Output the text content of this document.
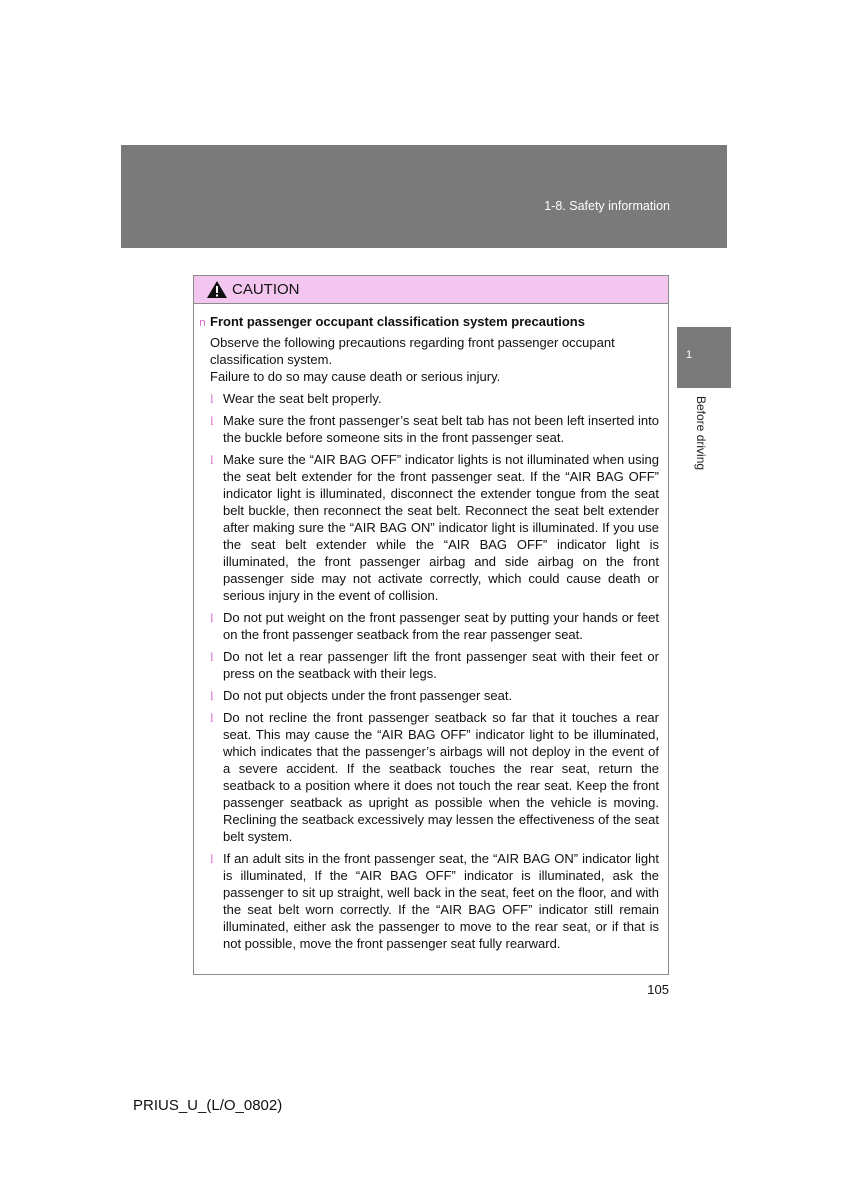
1-8. Safety information
1
Before driving
CAUTION
n Front passenger occupant classification system precautions

Observe the following precautions regarding front passenger occupant classification system.

Failure to do so may cause death or serious injury.

l Wear the seat belt properly.
l Make sure the front passenger’s seat belt tab has not been left inserted into the buckle before someone sits in the front passenger seat.
l Make sure the “AIR BAG OFF” indicator lights is not illuminated when using the seat belt extender for the front passenger seat. If the “AIR BAG OFF” indicator light is illuminated, disconnect the extender tongue from the seat belt buckle, then reconnect the seat belt. Reconnect the seat belt extender after making sure the “AIR BAG ON” indicator light is illuminated. If you use the seat belt extender while the “AIR BAG OFF” indicator light is illuminated, the front passenger airbag and side airbag on the front passenger side may not activate correctly, which could cause death or serious injury in the event of collision.
l Do not put weight on the front passenger seat by putting your hands or feet on the front passenger seatback from the rear passenger seat.
l Do not let a rear passenger lift the front passenger seat with their feet or press on the seatback with their legs.
l Do not put objects under the front passenger seat.
l Do not recline the front passenger seatback so far that it touches a rear seat. This may cause the “AIR BAG OFF” indicator light to be illuminated, which indicates that the passenger’s airbags will not deploy in the event of a severe accident. If the seatback touches the rear seat, return the seatback to a position where it does not touch the rear seat. Keep the front passenger seatback as upright as possible when the vehicle is moving. Reclining the seatback excessively may lessen the effectiveness of the seat belt system.
l If an adult sits in the front passenger seat, the “AIR BAG ON” indicator light is illuminated, If the “AIR BAG OFF” indicator is illuminated, ask the passenger to sit up straight, well back in the seat, feet on the floor, and with the seat belt worn correctly. If the “AIR BAG OFF” indicator still remain illuminated, either ask the passenger to move to the rear seat, or if that is not possible, move the front passenger seat fully rearward.
105
PRIUS_U_(L/O_0802)
